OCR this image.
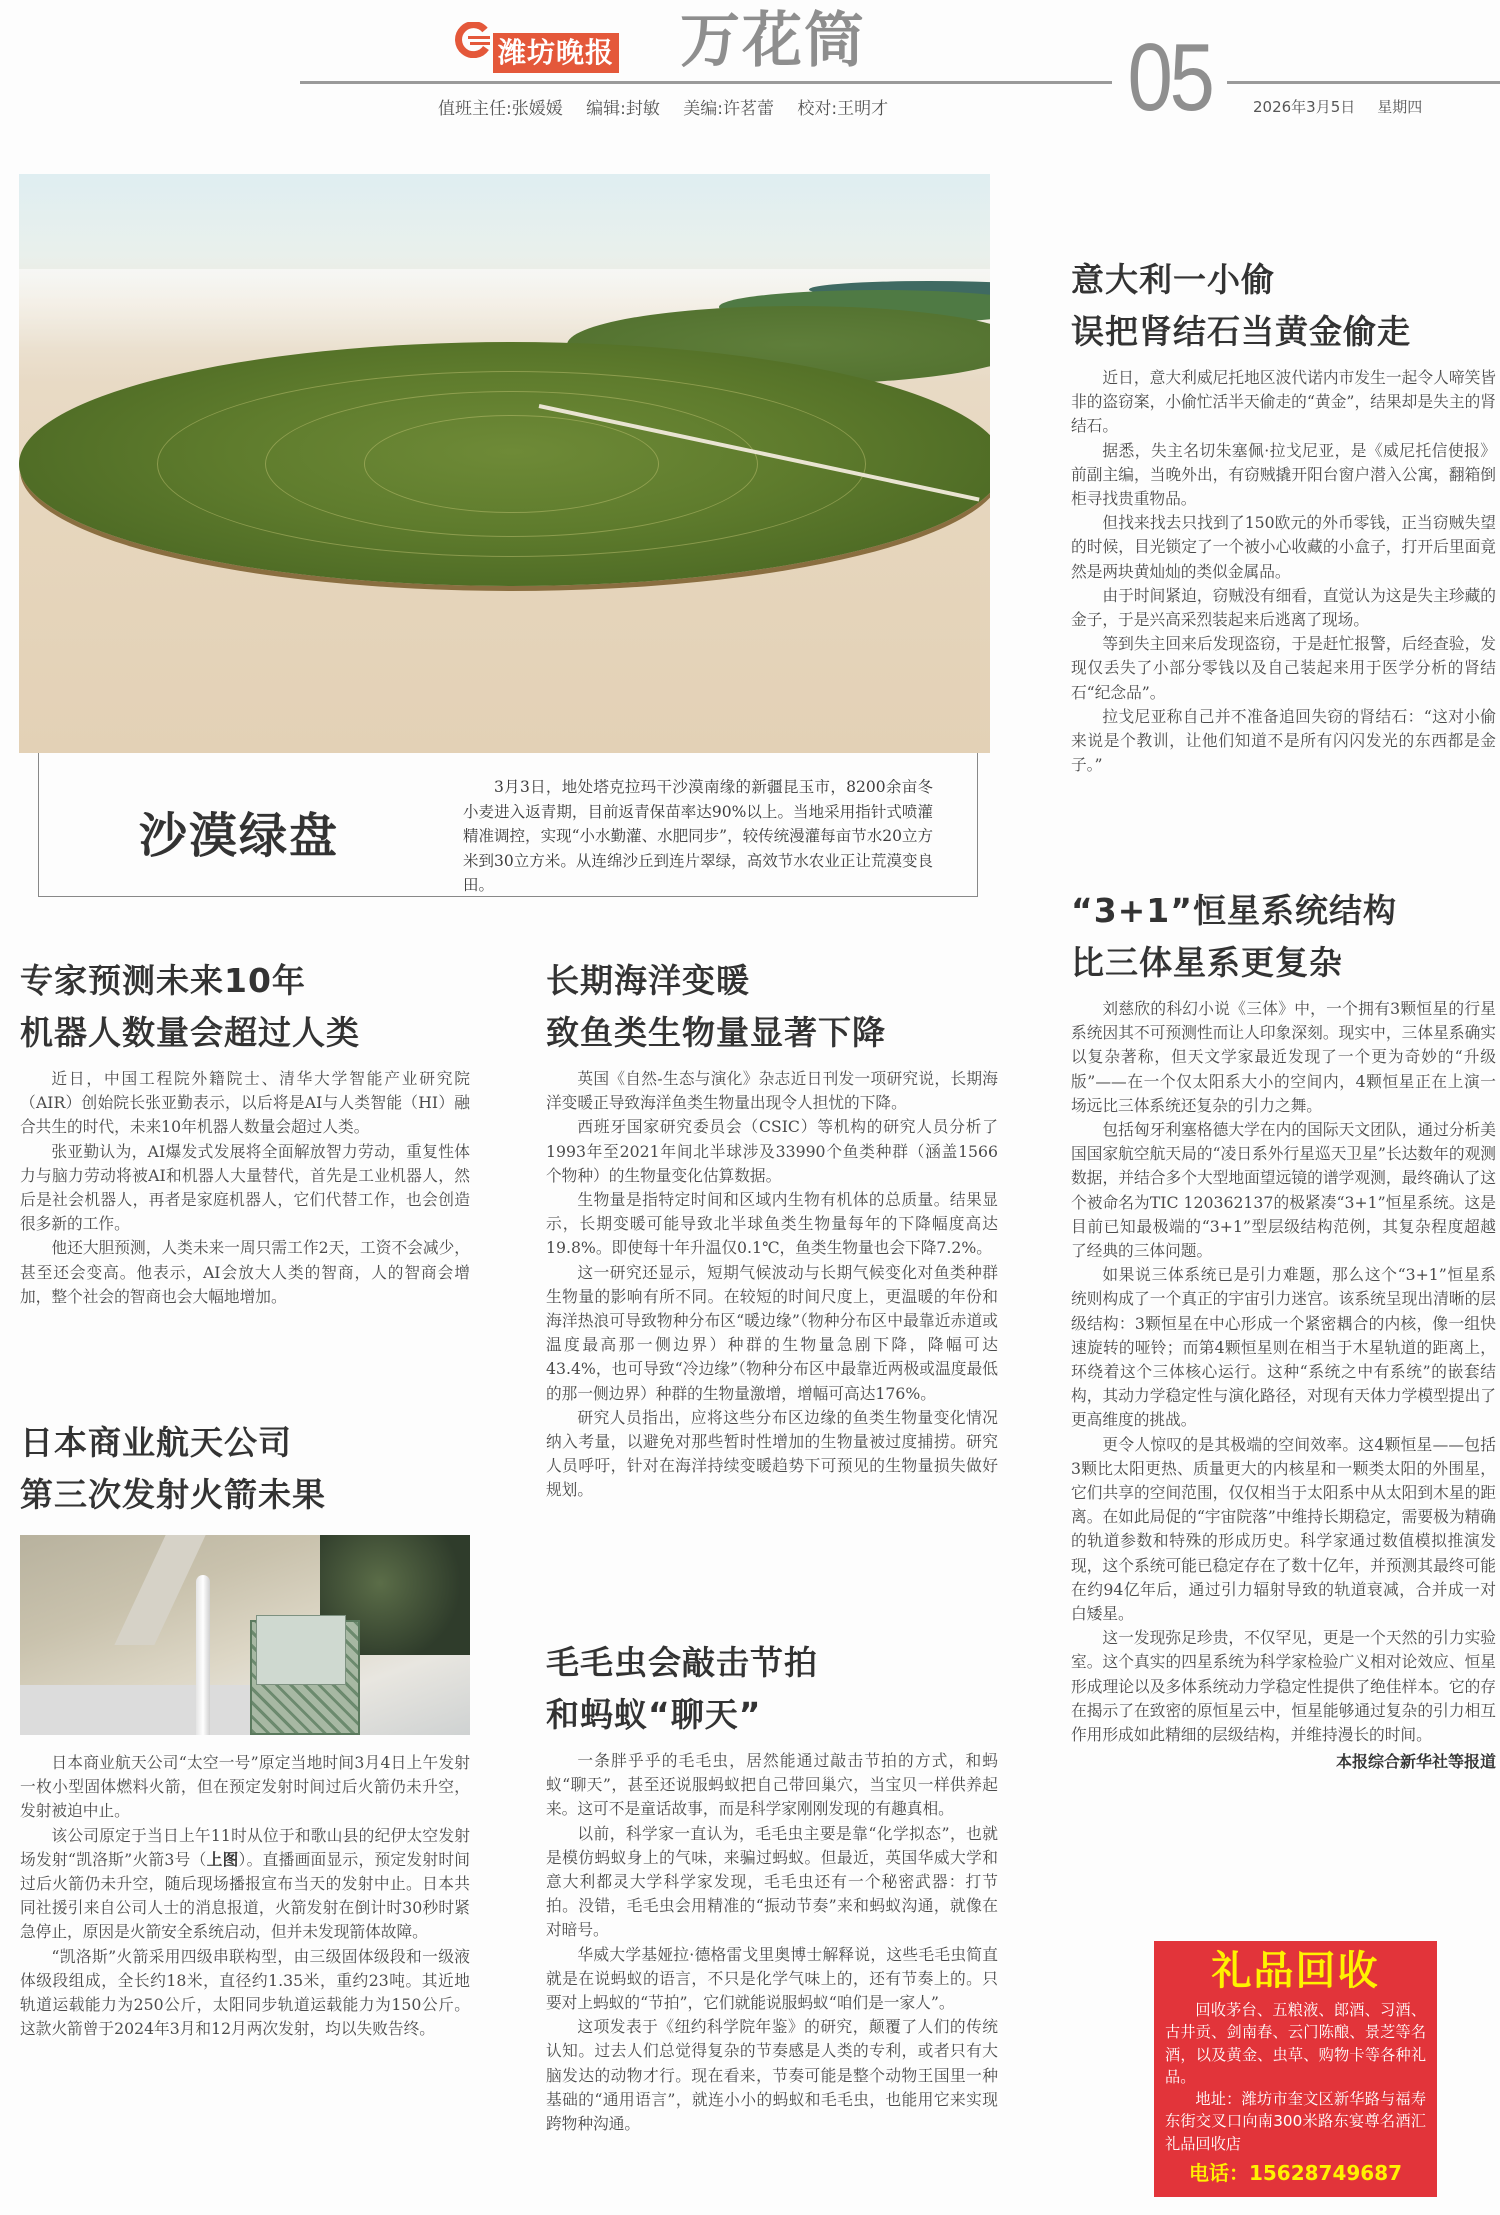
潍坊晚报 万花筒	05
值班主任:张媛媛 编辑:封敏 美编:许茗蕾 校对:王明才	2026年3月5日 星期四
沙漠绿盘
3月3日，地处塔克拉玛干沙漠南缘的新疆昆玉市，8200余亩冬小麦进入返青期，目前返青保苗率达90%以上。当地采用指针式喷灌精准调控，实现“小水勤灌、水肥同步”，较传统漫灌每亩节水20立方米到30立方米。从连绵沙丘到连片翠绿，高效节水农业正让荒漠变良田。
专家预测未来10年
机器人数量会超过人类

近日，中国工程院外籍院士、清华大学智能产业研究院（AIR）创始院长张亚勤表示，以后将是AI与人类智能（HI）融合共生的时代，未来10年机器人数量会超过人类。

张亚勤认为，AI爆发式发展将全面解放智力劳动，重复性体力与脑力劳动将被AI和机器人大量替代，首先是工业机器人，然后是社会机器人，再者是家庭机器人，它们代替工作，也会创造很多新的工作。

他还大胆预测，人类未来一周只需工作2天，工资不会减少，甚至还会变高。他表示，AI会放大人类的智商，人的智商会增加，整个社会的智商也会大幅地增加。

日本商业航天公司
第三次发射火箭未果

日本商业航天公司“太空一号”原定当地时间3月4日上午发射一枚小型固体燃料火箭，但在预定发射时间过后火箭仍未升空，发射被迫中止。

该公司原定于当日上午11时从位于和歌山县的纪伊太空发射场发射“凯洛斯”火箭3号（上图）。直播画面显示，预定发射时间过后火箭仍未升空，随后现场播报宣布当天的发射中止。日本共同社援引来自公司人士的消息报道，火箭发射在倒计时30秒时紧急停止，原因是火箭安全系统启动，但并未发现箭体故障。

“凯洛斯”火箭采用四级串联构型，由三级固体级段和一级液体级段组成，全长约18米，直径约1.35米，重约23吨。其近地轨道运载能力为250公斤，太阳同步轨道运载能力为150公斤。这款火箭曾于2024年3月和12月两次发射，均以失败告终。

长期海洋变暖
致鱼类生物量显著下降

英国《自然-生态与演化》杂志近日刊发一项研究说，长期海洋变暖正导致海洋鱼类生物量出现令人担忧的下降。

西班牙国家研究委员会（CSIC）等机构的研究人员分析了1993年至2021年间北半球涉及33990个鱼类种群（涵盖1566个物种）的生物量变化估算数据。

生物量是指特定时间和区域内生物有机体的总质量。结果显示，长期变暖可能导致北半球鱼类生物量每年的下降幅度高达19.8%。即使每十年升温仅0.1℃，鱼类生物量也会下降7.2%。

这一研究还显示，短期气候波动与长期气候变化对鱼类种群生物量的影响有所不同。在较短的时间尺度上，更温暖的年份和海洋热浪可导致物种分布区“暖边缘”（物种分布区中最靠近赤道或温度最高那一侧边界）种群的生物量急剧下降，降幅可达43.4%，也可导致“冷边缘”（物种分布区中最靠近两极或温度最低的那一侧边界）种群的生物量激增，增幅可高达176%。

研究人员指出，应将这些分布区边缘的鱼类生物量变化情况纳入考量，以避免对那些暂时性增加的生物量被过度捕捞。研究人员呼吁，针对在海洋持续变暖趋势下可预见的生物量损失做好规划。

毛毛虫会敲击节拍
和蚂蚁“聊天”

一条胖乎乎的毛毛虫，居然能通过敲击节拍的方式，和蚂蚁“聊天”，甚至还说服蚂蚁把自己带回巢穴，当宝贝一样供养起来。这可不是童话故事，而是科学家刚刚发现的有趣真相。

以前，科学家一直认为，毛毛虫主要是靠“化学拟态”，也就是模仿蚂蚁身上的气味，来骗过蚂蚁。但最近，英国华威大学和意大利都灵大学科学家发现，毛毛虫还有一个秘密武器：打节拍。没错，毛毛虫会用精准的“振动节奏”来和蚂蚁沟通，就像在对暗号。

华威大学基娅拉·德格雷戈里奥博士解释说，这些毛毛虫简直就是在说蚂蚁的语言，不只是化学气味上的，还有节奏上的。只要对上蚂蚁的“节拍”，它们就能说服蚂蚁“咱们是一家人”。

这项发表于《纽约科学院年鉴》的研究，颠覆了人们的传统认知。过去人们总觉得复杂的节奏感是人类的专利，或者只有大脑发达的动物才行。现在看来，节奏可能是整个动物王国里一种基础的“通用语言”，就连小小的蚂蚁和毛毛虫，也能用它来实现跨物种沟通。

意大利一小偷
误把肾结石当黄金偷走

近日，意大利威尼托地区波代诺内市发生一起令人啼笑皆非的盗窃案，小偷忙活半天偷走的“黄金”，结果却是失主的肾结石。

据悉，失主名切朱塞佩·拉戈尼亚，是《威尼托信使报》前副主编，当晚外出，有窃贼撬开阳台窗户潜入公寓，翻箱倒柜寻找贵重物品。

但找来找去只找到了150欧元的外币零钱，正当窃贼失望的时候，目光锁定了一个被小心收藏的小盒子，打开后里面竟然是两块黄灿灿的类似金属品。

由于时间紧迫，窃贼没有细看，直觉认为这是失主珍藏的金子，于是兴高采烈装起来后逃离了现场。

等到失主回来后发现盗窃，于是赶忙报警，后经查验，发现仅丢失了小部分零钱以及自己装起来用于医学分析的肾结石“纪念品”。

拉戈尼亚称自己并不准备追回失窃的肾结石：“这对小偷来说是个教训，让他们知道不是所有闪闪发光的东西都是金子。”

“3+1”恒星系统结构
比三体星系更复杂

刘慈欣的科幻小说《三体》中，一个拥有3颗恒星的行星系统因其不可预测性而让人印象深刻。现实中，三体星系确实以复杂著称，但天文学家最近发现了一个更为奇妙的“升级版”——在一个仅太阳系大小的空间内，4颗恒星正在上演一场远比三体系统还复杂的引力之舞。

包括匈牙利塞格德大学在内的国际天文团队，通过分析美国国家航空航天局的“凌日系外行星巡天卫星”长达数年的观测数据，并结合多个大型地面望远镜的谱学观测，最终确认了这个被命名为TIC 120362137的极紧凑“3+1”恒星系统。这是目前已知最极端的“3+1”型层级结构范例，其复杂程度超越了经典的三体问题。

如果说三体系统已是引力难题，那么这个“3+1”恒星系统则构成了一个真正的宇宙引力迷宫。该系统呈现出清晰的层级结构：3颗恒星在中心形成一个紧密耦合的内核，像一组快速旋转的哑铃；而第4颗恒星则在相当于木星轨道的距离上，环绕着这个三体核心运行。这种“系统之中有系统”的嵌套结构，其动力学稳定性与演化路径，对现有天体力学模型提出了更高维度的挑战。

更令人惊叹的是其极端的空间效率。这4颗恒星——包括3颗比太阳更热、质量更大的内核星和一颗类太阳的外围星，它们共享的空间范围，仅仅相当于太阳系中从太阳到木星的距离。在如此局促的“宇宙院落”中维持长期稳定，需要极为精确的轨道参数和特殊的形成历史。科学家通过数值模拟推演发现，这个系统可能已稳定存在了数十亿年，并预测其最终可能在约94亿年后，通过引力辐射导致的轨道衰减，合并成一对白矮星。

这一发现弥足珍贵，不仅罕见，更是一个天然的引力实验室。这个真实的四星系统为科学家检验广义相对论效应、恒星形成理论以及多体系统动力学稳定性提供了绝佳样本。它的存在揭示了在致密的原恒星云中，恒星能够通过复杂的引力相互作用形成如此精细的层级结构，并维持漫长的时间。

本报综合新华社等报道
礼品回收

回收茅台、五粮液、郎酒、习酒、古井贡、剑南春、云门陈酿、景芝等名酒，以及黄金、虫草、购物卡等各种礼品。

地址：潍坊市奎文区新华路与福寿东街交叉口向南300米路东宴尊名酒汇礼品回收店

电话：15628749687
